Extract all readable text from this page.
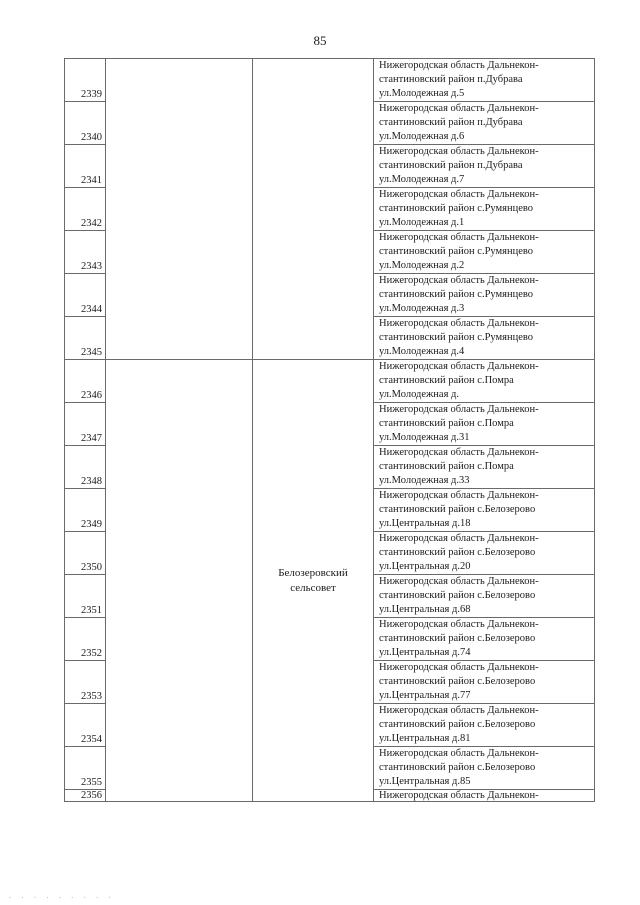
85
2339			Нижегородская область Дальнекон-
стантиновский район п.Дубрава
ул.Молодежная д.5

2340			Нижегородская область Дальнекон-
стантиновский район п.Дубрава
ул.Молодежная д.6

2341			Нижегородская область Дальнекон-
стантиновский район п.Дубрава
ул.Молодежная д.7

2342			Нижегородская область Дальнекон-
стантиновский район с.Румянцево
ул.Молодежная д.1

2343			Нижегородская область Дальнекон-
стантиновский район с.Румянцево
ул.Молодежная д.2

2344			Нижегородская область Дальнекон-
стантиновский район с.Румянцево
ул.Молодежная д.3

2345			Нижегородская область Дальнекон-
стантиновский район с.Румянцево
ул.Молодежная д.4

2346		Белозеровский
сельсовет	Нижегородская область Дальнекон-
стантиновский район с.Помра
ул.Молодежная д.

2347			Нижегородская область Дальнекон-
стантиновский район с.Помра
ул.Молодежная д.31

2348			Нижегородская область Дальнекон-
стантиновский район с.Помра
ул.Молодежная д.33

2349			Нижегородская область Дальнекон-
стантиновский район с.Белозерово
ул.Центральная д.18

2350			Нижегородская область Дальнекон-
стантиновский район с.Белозерово
ул.Центральная д.20

2351			Нижегородская область Дальнекон-
стантиновский район с.Белозерово
ул.Центральная д.68

2352			Нижегородская область Дальнекон-
стантиновский район с.Белозерово
ул.Центральная д.74

2353			Нижегородская область Дальнекон-
стантиновский район с.Белозерово
ул.Центральная д.77

2354			Нижегородская область Дальнекон-
стантиновский район с.Белозерово
ул.Центральная д.81

2355			Нижегородская область Дальнекон-
стантиновский район с.Белозерово
ул.Центральная д.85

2356			Нижегородская область Дальнекон-
· · · · · · · · ·
